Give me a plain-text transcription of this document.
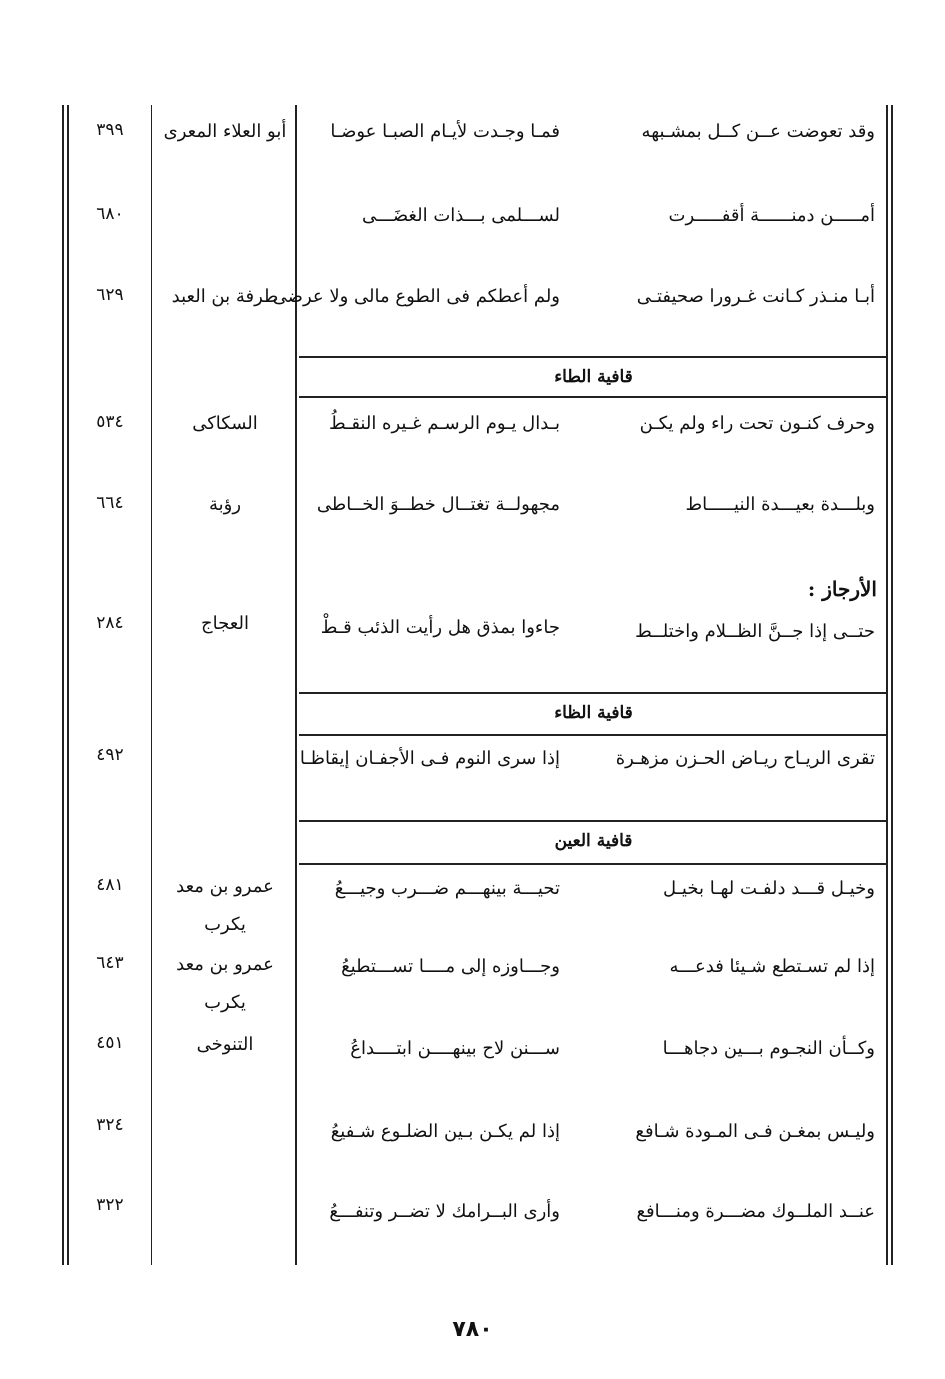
قافية الطاء
قافية الظاء
قافية العين
الأرجاز :
وقد تعوضت عــن كــل بمشـبهه
فمـا وجـدت لأيـام الصبـا عوضـا
أبو العلاء المعرى
٣٩٩
أمـــــن دمنــــــة أقفـــــرت
لســـلمى بـــذات الغضَـــى
٦٨٠
أبـا منـذر كـانت غـرورا صحيفتـى
ولم أعطكم فى الطوع مالى ولا عرضى
طرفة بن العبد
٦٢٩
وحرف كنـون تحت راء ولم يكـن
بـدال يـوم الرسـم غـيره النقـطُ
السكاكى
٥٣٤
وبلـــدة بعيـــدة النيـــــاط
مجهولــة تغتــال خطــوَ الخــاطى
رؤبة
٦٦٤
حتــى إذا جــنَّ الظــلام واختلــط
جاءوا بمذق هل رأيت الذئب قـطْ
العجاج
٢٨٤
تقرى الريـاح ريـاض الحـزن مزهـرة
إذا سرى النوم فـى الأجفـان إيقاظـا
٤٩٢
وخيـل قـــد دلفـت لهـا بخيـل
تحيـــة بينهـــم ضـــرب وجيـــعُ
عمرو بن معد يكرب
٤٨١
إذا لم تسـتطع شـيئا فدعـــه
وجـــاوزه إلى مــــا تســـتطيعُ
عمرو بن معد يكرب
٦٤٣
وكــأن النجـوم بـــين دجاهـــا
ســـنن لاح بينهــــن ابتــــداعُ
التنوخى
٤٥١
وليـس بمغـن فـى المـودة شـافع
إذا لم يكـن بـين الضلـوع شـفيعُ
٣٢٤
عنــد الملــوك مضـــرة ومنـــافع
وأرى البــرامك لا تضــر وتنفـــعُ
٣٢٢
٧٨٠
